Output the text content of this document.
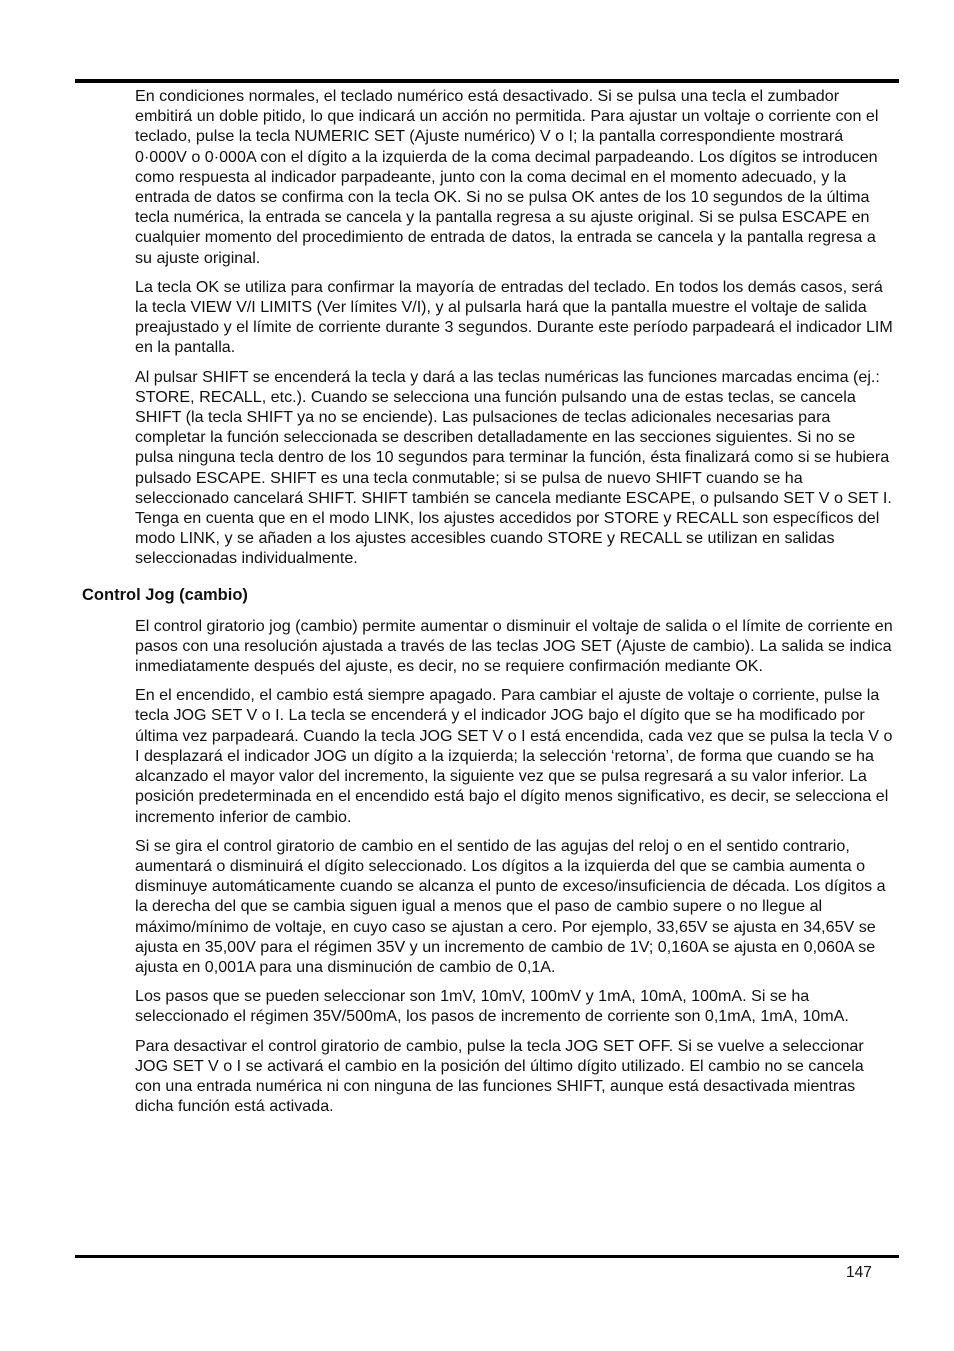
En condiciones normales, el teclado numérico está desactivado. Si se pulsa una tecla el zumbador embitirá un doble pitido, lo que indicará un acción no permitida. Para ajustar un voltaje o corriente con el teclado, pulse la tecla NUMERIC SET (Ajuste numérico) V o I; la pantalla correspondiente mostrará 0·000V o 0·000A con el dígito a la izquierda de la coma decimal parpadeando. Los dígitos se introducen como respuesta al indicador parpadeante, junto con la coma decimal en el momento adecuado, y la entrada de datos se confirma con la tecla OK. Si no se pulsa OK antes de los 10 segundos de la última tecla numérica, la entrada se cancela y la pantalla regresa a su ajuste original. Si se pulsa ESCAPE en cualquier momento del procedimiento de entrada de datos, la entrada se cancela y la pantalla regresa a su ajuste original.

La tecla OK se utiliza para confirmar la mayoría de entradas del teclado. En todos los demás casos, será la tecla VIEW V/I LIMITS (Ver límites V/I), y al pulsarla hará que la pantalla muestre el voltaje de salida preajustado y el límite de corriente durante 3 segundos. Durante este período parpadeará el indicador LIM en la pantalla.

Al pulsar SHIFT se encenderá la tecla y dará a las teclas numéricas las funciones marcadas encima (ej.: STORE, RECALL, etc.). Cuando se selecciona una función pulsando una de estas teclas, se cancela SHIFT (la tecla SHIFT ya no se enciende). Las pulsaciones de teclas adicionales necesarias para completar la función seleccionada se describen detalladamente en las secciones siguientes. Si no se pulsa ninguna tecla dentro de los 10 segundos para terminar la función, ésta finalizará como si se hubiera pulsado ESCAPE. SHIFT es una tecla conmutable; si se pulsa de nuevo SHIFT cuando se ha seleccionado cancelará SHIFT. SHIFT también se cancela mediante ESCAPE, o pulsando SET V o SET I. Tenga en cuenta que en el modo LINK, los ajustes accedidos por STORE y RECALL son específicos del modo LINK, y se añaden a los ajustes accesibles cuando STORE y RECALL se utilizan en salidas seleccionadas individualmente.

Control Jog (cambio)

El control giratorio jog (cambio) permite aumentar o disminuir el voltaje de salida o el límite de corriente en pasos con una resolución ajustada a través de las teclas JOG SET (Ajuste de cambio). La salida se indica inmediatamente después del ajuste, es decir, no se requiere confirmación mediante OK.

En el encendido, el cambio está siempre apagado. Para cambiar el ajuste de voltaje o corriente, pulse la tecla JOG SET V o I. La tecla se encenderá y el indicador JOG bajo el dígito que se ha modificado por última vez parpadeará. Cuando la tecla JOG SET V o I está encendida, cada vez que se pulsa la tecla V o I desplazará el indicador JOG un dígito a la izquierda; la selección ‘retorna’, de forma que cuando se ha alcanzado el mayor valor del incremento, la siguiente vez que se pulsa regresará a su valor inferior. La posición predeterminada en el encendido está bajo el dígito menos significativo, es decir, se selecciona el incremento inferior de cambio.

Si se gira el control giratorio de cambio en el sentido de las agujas del reloj o en el sentido contrario, aumentará o disminuirá el dígito seleccionado. Los dígitos a la izquierda del que se cambia aumenta o disminuye automáticamente cuando se alcanza el punto de exceso/insuficiencia de década. Los dígitos a la derecha del que se cambia siguen igual a menos que el paso de cambio supere o no llegue al máximo/mínimo de voltaje, en cuyo caso se ajustan a cero. Por ejemplo, 33,65V se ajusta en 34,65V se ajusta en 35,00V para el régimen 35V y un incremento de cambio de 1V; 0,160A se ajusta en 0,060A se ajusta en 0,001A para una disminución de cambio de 0,1A.

Los pasos que se pueden seleccionar son 1mV, 10mV, 100mV y 1mA, 10mA, 100mA. Si se ha seleccionado el régimen 35V/500mA, los pasos de incremento de corriente son 0,1mA, 1mA, 10mA.

Para desactivar el control giratorio de cambio, pulse la tecla JOG SET OFF. Si se vuelve a seleccionar JOG SET V o I se activará el cambio en la posición del último dígito utilizado. El cambio no se cancela con una entrada numérica ni con ninguna de las funciones SHIFT, aunque está desactivada mientras dicha función está activada.

147
